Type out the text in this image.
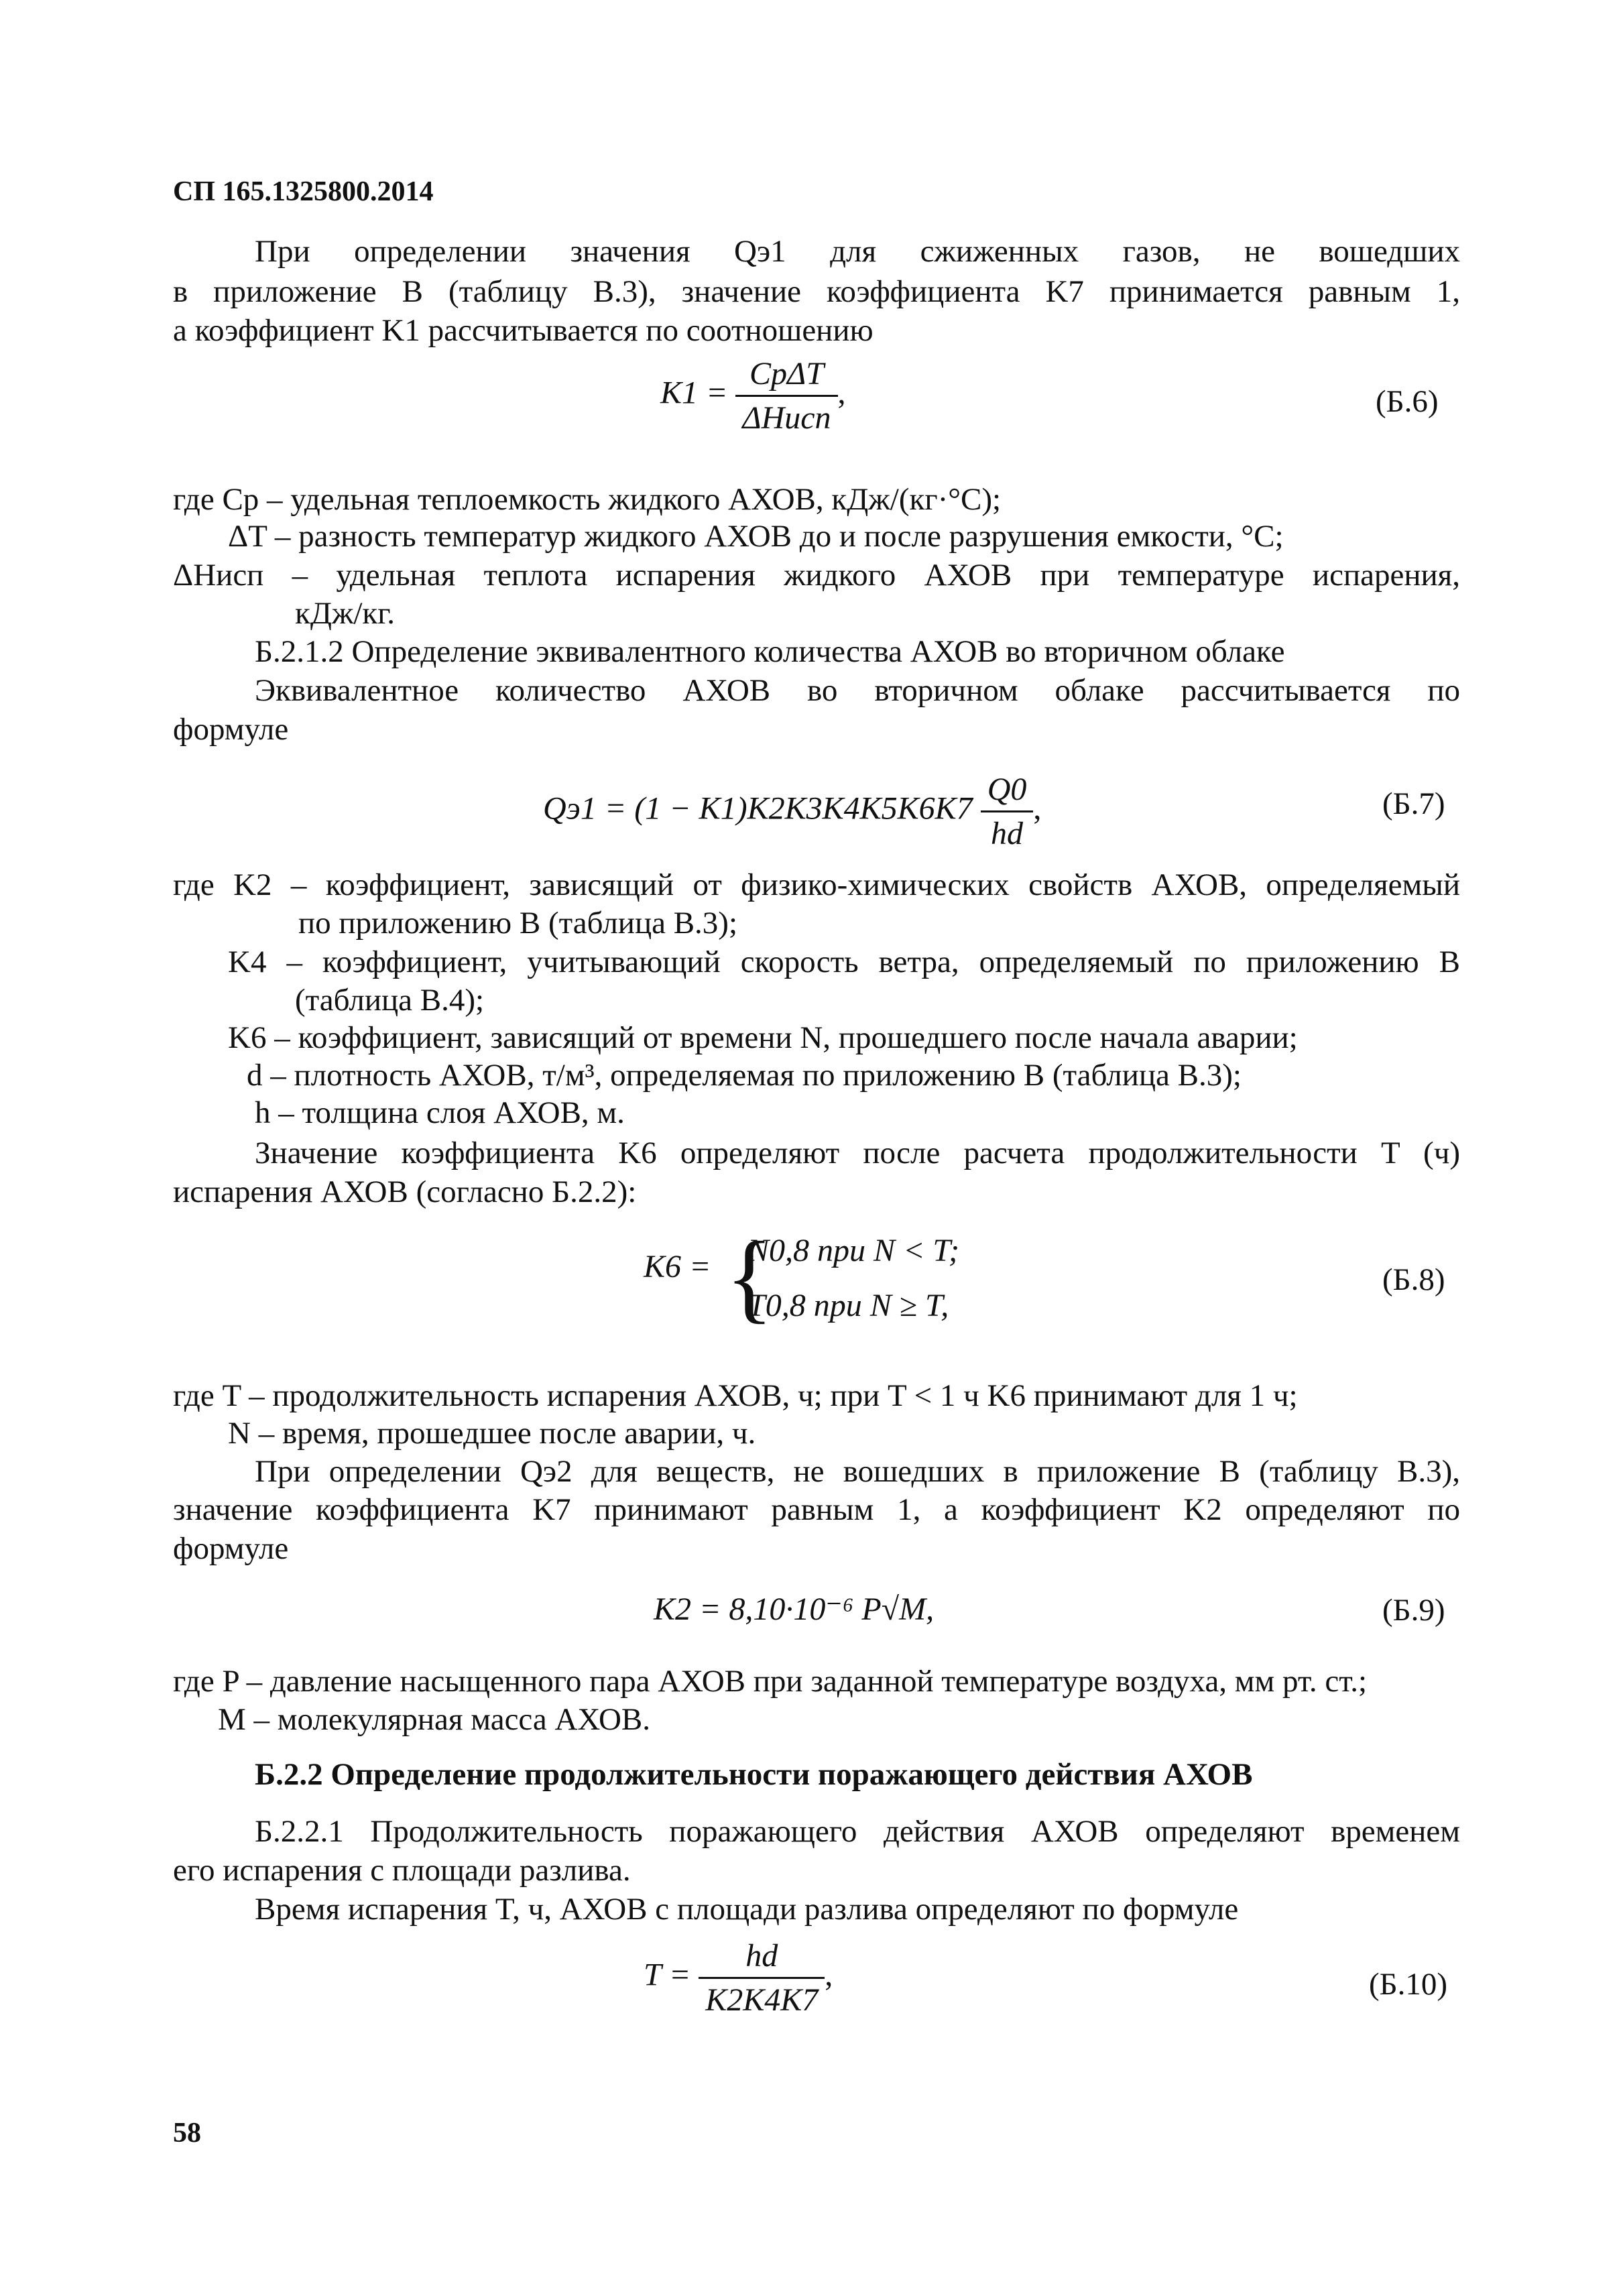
СП 165.1325800.2014
При определении значения Qэ1 для сжиженных газов, не вошедших
в приложение В (таблицу В.3), значение коэффициента K7 принимается равным 1,
а коэффициент K1 рассчитывается по соотношению
$K1 = \frac{\text{CpΔT}}{\text{ΔHисп}}$ ,	(Б.6)
где Cp – удельная теплоемкость жидкого АХОВ, кДж/(кг·°С);
ΔT – разность температур жидкого АХОВ до и после разрушения емкости, °С;
ΔHисп – удельная теплота испарения жидкого АХОВ при температуре испарения,
кДж/кг.
Б.2.1.2 Определение эквивалентного количества АХОВ во вторичном облаке
Эквивалентное количество АХОВ во вторичном облаке рассчитывается по
формуле
$Qэ1 = (1 - K1)K2K3K4K5K6K7 \frac{Q0}{hd}$ ,	(Б.7)
где K2 – коэффициент, зависящий от физико-химических свойств АХОВ, определяемый
по приложению В (таблица В.3);
K4 – коэффициент, учитывающий скорость ветра, определяемый по приложению В
(таблица В.4);
K6 – коэффициент, зависящий от времени N, прошедшего после начала аварии;
d – плотность АХОВ, т/м³, определяемая по приложению В (таблица В.3);
h – толщина слоя АХОВ, м.
Значение коэффициента K6 определяют после расчета продолжительности T (ч)
испарения АХОВ (согласно Б.2.2):
K6 = {
N0,8 при N < T;
T0,8 при N ≥ T,
(Б.8)
где T – продолжительность испарения АХОВ, ч; при T < 1 ч K6 принимают для 1 ч;
N – время, прошедшее после аварии, ч.
При определении Qэ2 для веществ, не вошедших в приложение В (таблицу В.3),
значение коэффициента K7 принимают равным 1, а коэффициент K2 определяют по
формуле
K2 = 8,10·10⁻⁶ P√M,	(Б.9)
где P – давление насыщенного пара АХОВ при заданной температуре воздуха, мм рт. ст.;
M – молекулярная масса АХОВ.
Б.2.2 Определение продолжительности поражающего действия АХОВ
Б.2.2.1 Продолжительность поражающего действия АХОВ определяют временем
его испарения с площади разлива.
Время испарения T, ч, АХОВ с площади разлива определяют по формуле
$T = \frac{hd}{K2K4K7}$ ,	(Б.10)
58
